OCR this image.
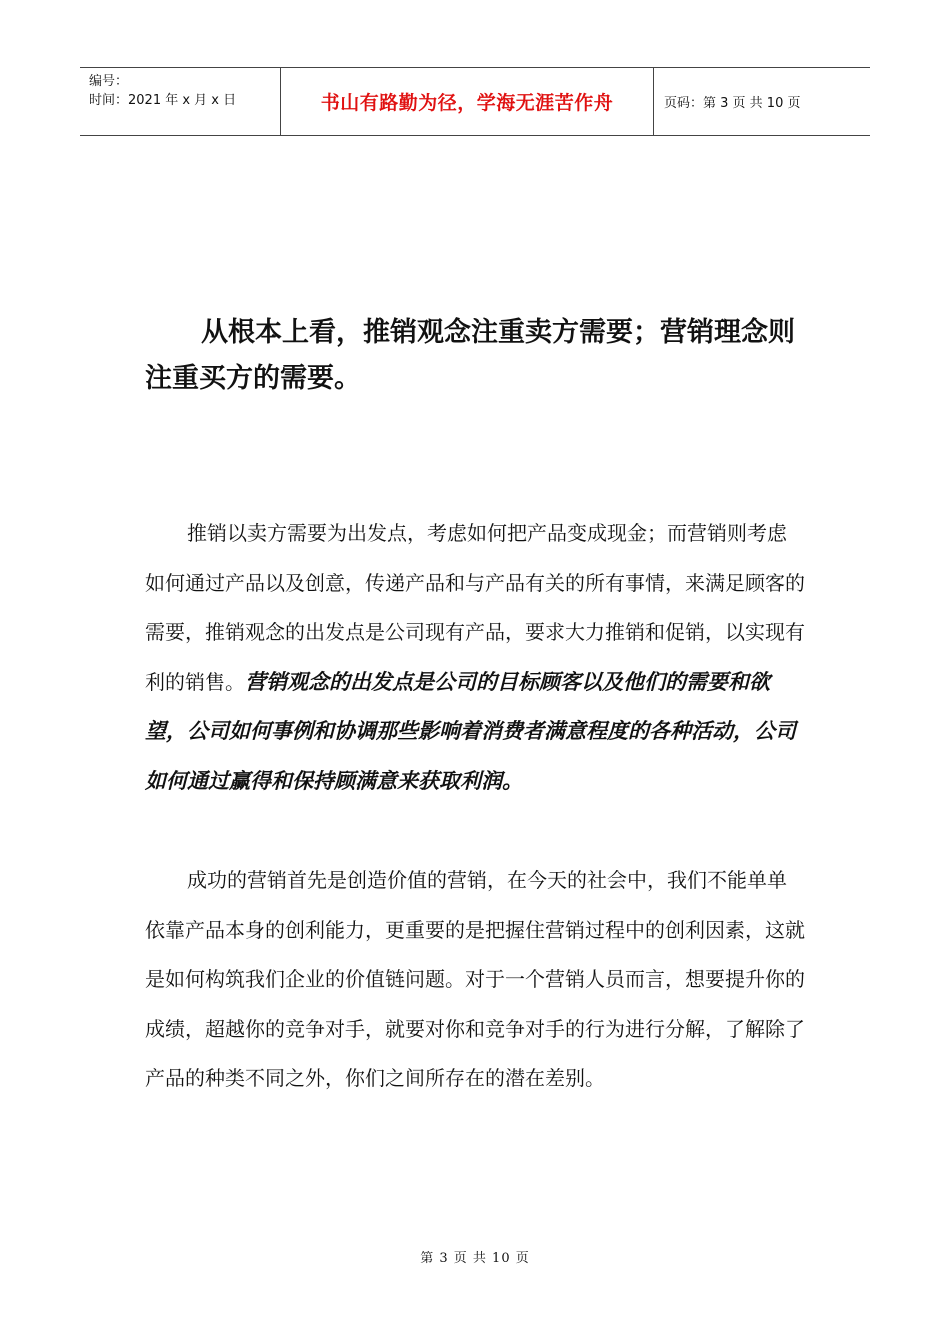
编号：
时间：2021 年 x 月 x 日	书山有路勤为径，学海无涯苦作舟	页码：第 3 页 共 10 页

从根本上看，推销观念注重卖方需要；营销理念则注重买方的需要。

推销以卖方需要为出发点，考虑如何把产品变成现金；而营销则考虑如何通过产品以及创意，传递产品和与产品有关的所有事情，来满足顾客的需要，推销观念的出发点是公司现有产品，要求大力推销和促销，以实现有利的销售。营销观念的出发点是公司的目标顾客以及他们的需要和欲望，公司如何事例和协调那些影响着消费者满意程度的各种活动，公司如何通过赢得和保持顾满意来获取利润。

成功的营销首先是创造价值的营销，在今天的社会中，我们不能单单依靠产品本身的创利能力，更重要的是把握住营销过程中的创利因素，这就是如何构筑我们企业的价值链问题。对于一个营销人员而言，想要提升你的成绩，超越你的竞争对手，就要对你和竞争对手的行为进行分解，了解除了产品的种类不同之外，你们之间所存在的潜在差别。

第 3 页 共 10 页
